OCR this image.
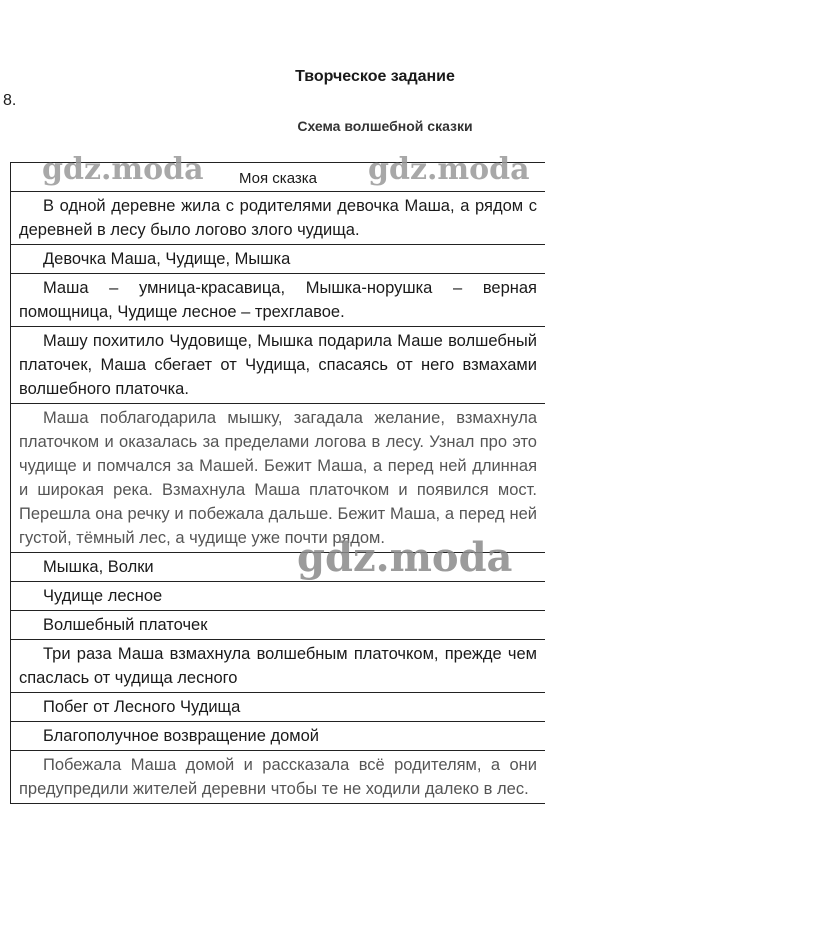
8.
Творческое задание
Схема волшебной сказки
Моя сказка
В одной деревне жила с родителями девочка Маша, а рядом с деревней в лесу было логово злого чудища.
Девочка Маша, Чудище, Мышка
Маша – умница-красавица, Мышка-норушка – верная помощница, Чудище лесное – трехглавое.
Машу похитило Чудовище, Мышка подарила Маше волшебный платочек, Маша сбегает от Чудища, спасаясь от него взмахами волшебного платочка.
Маша поблагодарила мышку, загадала желание, взмахнула платочком и оказалась за пределами логова в лесу. Узнал про это чудище и помчался за Машей. Бежит Маша, а перед ней длинная и широкая река. Взмахнула Маша платочком и появился мост. Перешла она речку и побежала дальше. Бежит Маша, а перед ней густой, тёмный лес, а чудище уже почти рядом.
Мышка, Волки
Чудище лесное
Волшебный платочек
Три раза Маша взмахнула волшебным платочком, прежде чем спаслась от чудища лесного
Побег от Лесного Чудища
Благополучное возвращение домой
Побежала Маша домой и рассказала всё родителям, а они предупредили жителей деревни чтобы те не ходили далеко в лес.
gdz.moda	gdz.moda
gdz.moda
